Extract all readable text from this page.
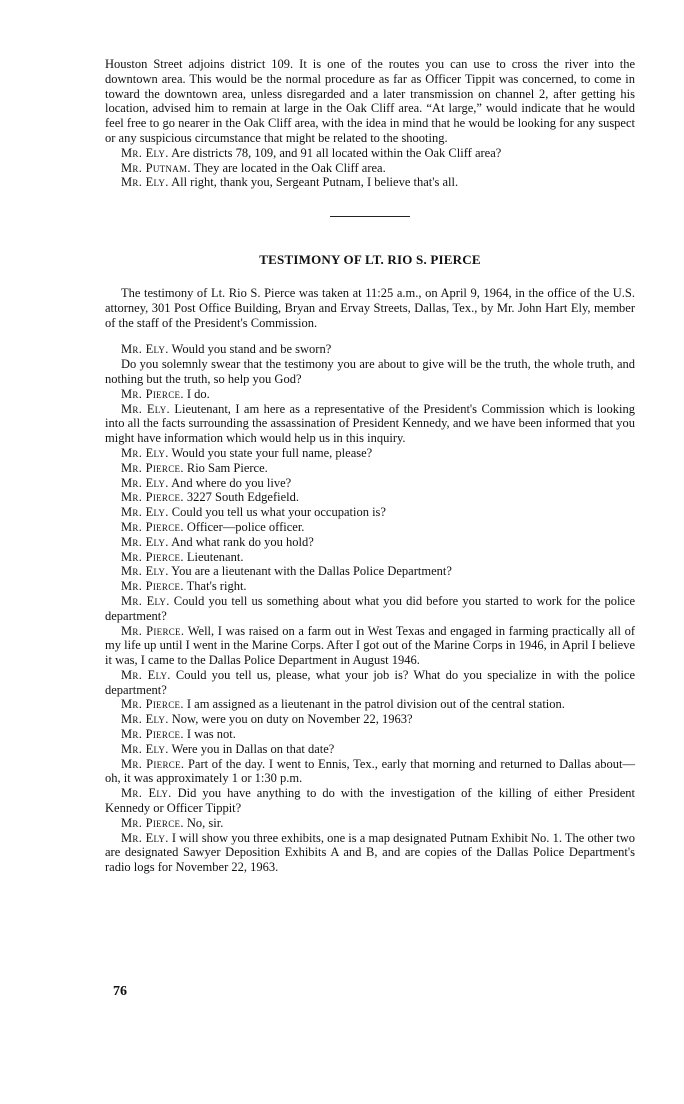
Houston Street adjoins district 109. It is one of the routes you can use to cross the river into the downtown area. This would be the normal procedure as far as Officer Tippit was concerned, to come in toward the downtown area, unless disregarded and a later transmission on channel 2, after getting his location, advised him to remain at large in the Oak Cliff area. “At large,” would indicate that he would feel free to go nearer in the Oak Cliff area, with the idea in mind that he would be looking for any suspect or any suspicious circumstance that might be related to the shooting.

Mr. Ely. Are districts 78, 109, and 91 all located within the Oak Cliff area?

Mr. Putnam. They are located in the Oak Cliff area.

Mr. Ely. All right, thank you, Sergeant Putnam, I believe that's all.

TESTIMONY OF LT. RIO S. PIERCE

The testimony of Lt. Rio S. Pierce was taken at 11:25 a.m., on April 9, 1964, in the office of the U.S. attorney, 301 Post Office Building, Bryan and Ervay Streets, Dallas, Tex., by Mr. John Hart Ely, member of the staff of the President's Commission.

Mr. Ely. Would you stand and be sworn?

Do you solemnly swear that the testimony you are about to give will be the truth, the whole truth, and nothing but the truth, so help you God?

Mr. Pierce. I do.

Mr. Ely. Lieutenant, I am here as a representative of the President's Commission which is looking into all the facts surrounding the assassination of President Kennedy, and we have been informed that you might have information which would help us in this inquiry.

Mr. Ely. Would you state your full name, please?

Mr. Pierce. Rio Sam Pierce.

Mr. Ely. And where do you live?

Mr. Pierce. 3227 South Edgefield.

Mr. Ely. Could you tell us what your occupation is?

Mr. Pierce. Officer—police officer.

Mr. Ely. And what rank do you hold?

Mr. Pierce. Lieutenant.

Mr. Ely. You are a lieutenant with the Dallas Police Department?

Mr. Pierce. That's right.

Mr. Ely. Could you tell us something about what you did before you started to work for the police department?

Mr. Pierce. Well, I was raised on a farm out in West Texas and engaged in farming practically all of my life up until I went in the Marine Corps. After I got out of the Marine Corps in 1946, in April I believe it was, I came to the Dallas Police Department in August 1946.

Mr. Ely. Could you tell us, please, what your job is? What do you specialize in with the police department?

Mr. Pierce. I am assigned as a lieutenant in the patrol division out of the central station.

Mr. Ely. Now, were you on duty on November 22, 1963?

Mr. Pierce. I was not.

Mr. Ely. Were you in Dallas on that date?

Mr. Pierce. Part of the day. I went to Ennis, Tex., early that morning and returned to Dallas about—oh, it was approximately 1 or 1:30 p.m.

Mr. Ely. Did you have anything to do with the investigation of the killing of either President Kennedy or Officer Tippit?

Mr. Pierce. No, sir.

Mr. Ely. I will show you three exhibits, one is a map designated Putnam Exhibit No. 1. The other two are designated Sawyer Deposition Exhibits A and B, and are copies of the Dallas Police Department's radio logs for November 22, 1963.

76
